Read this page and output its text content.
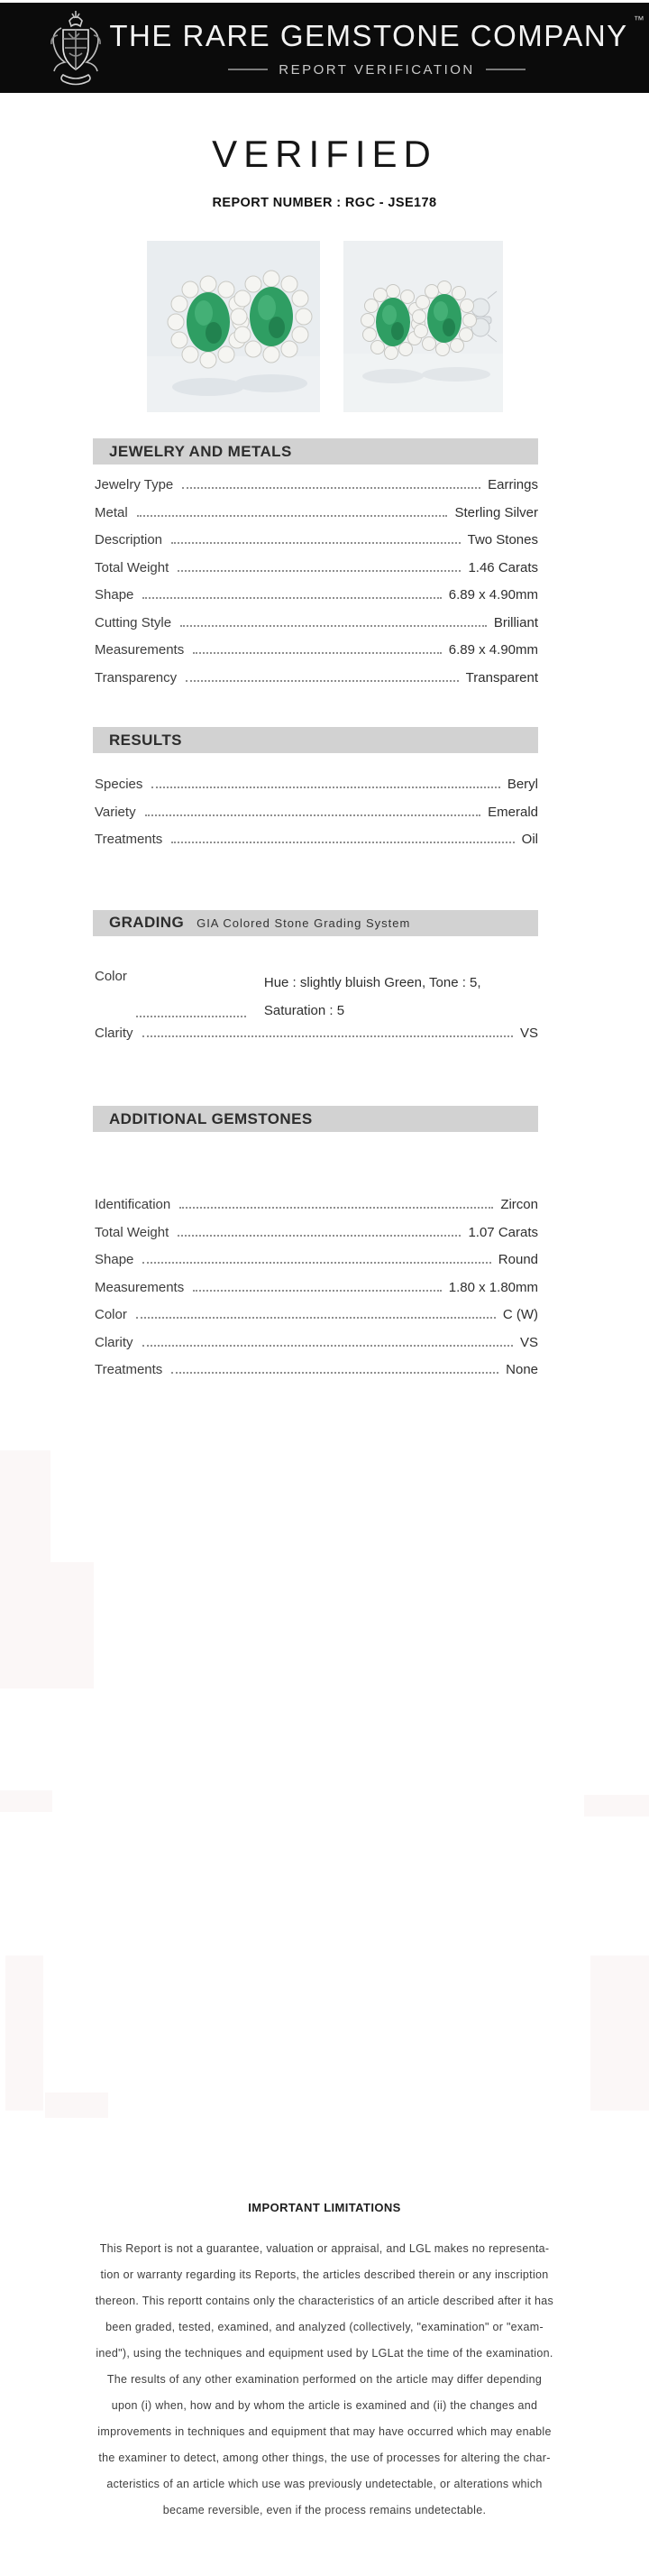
THE RARE GEMSTONE COMPANY ™
REPORT VERIFICATION
VERIFIED
REPORT NUMBER : RGC - JSE178
JEWELRY AND METALS
Jewelry Type	Earrings
Metal	Sterling Silver
Description	Two Stones
Total Weight	1.46 Carats
Shape	6.89 x 4.90mm
Cutting Style	Brilliant
Measurements	6.89 x 4.90mm
Transparency	Transparent
RESULTS
Species	Beryl
Variety	Emerald
Treatments	Oil
GRADING GIA Colored Stone Grading System
Color	Hue : slightly bluish Green, Tone : 5, Saturation : 5
Clarity	VS
ADDITIONAL GEMSTONES
Identification	Zircon
Total Weight	1.07 Carats
Shape	Round
Measurements	1.80 x 1.80mm
Color	C (W)
Clarity	VS
Treatments	None
IMPORTANT LIMITATIONS
This Report is not a guarantee, valuation or appraisal, and LGL makes no representa-
tion or warranty regarding its Reports, the articles described therein or any inscription
thereon. This reportt contains only the characteristics of an article described after it has
been graded, tested, examined, and analyzed (collectively, "examination" or "exam-
ined"), using the techniques and equipment used by LGLat the time of the examination.
The results of any other examination performed on the article may differ depending
upon (i) when, how and by whom the article is examined and (ii) the changes and
improvements in techniques and equipment that may have occurred which may enable
the examiner to detect, among other things, the use of processes for altering the char-
acteristics of an article which use was previously undetectable, or alterations which
became reversible, even if the process remains undetectable.
